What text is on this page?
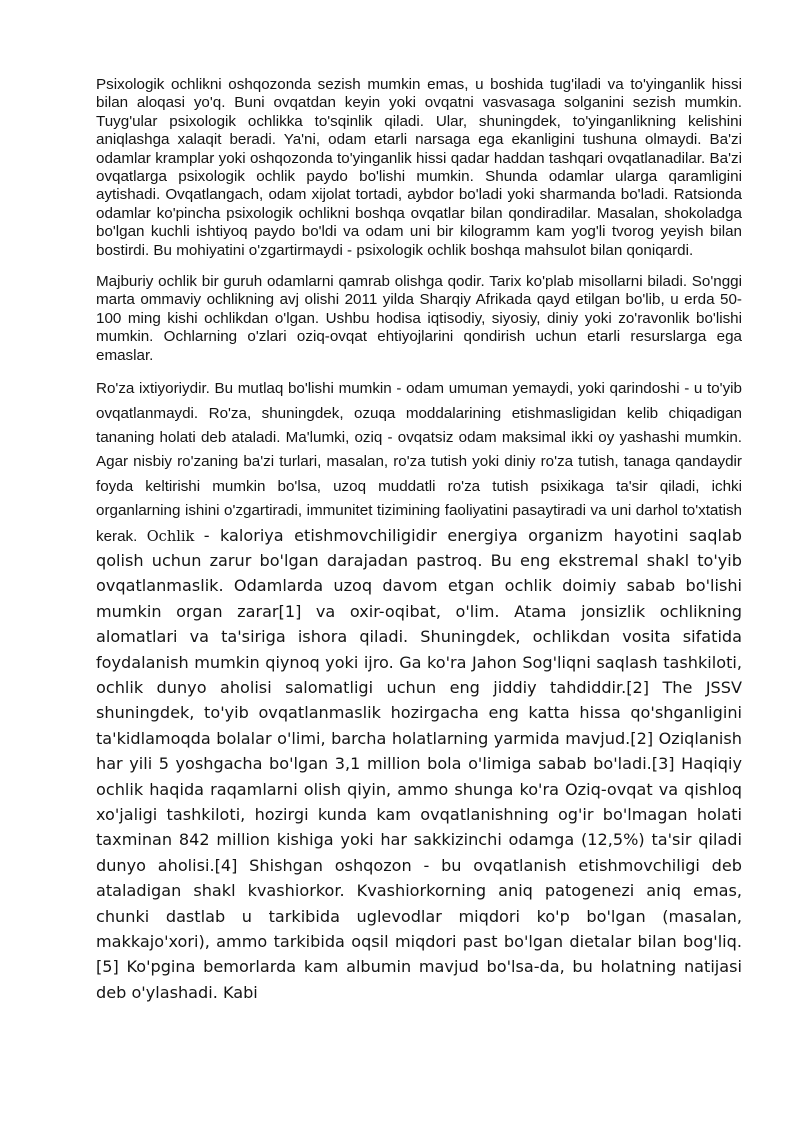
Psixologik ochlikni oshqozonda sezish mumkin emas, u boshida tug'iladi va to'yinganlik hissi bilan aloqasi yo'q. Buni ovqatdan keyin yoki ovqatni vasvasaga solganini sezish mumkin. Tuyg'ular psixologik ochlikka to'sqinlik qiladi. Ular, shuningdek, to'yinganlikning kelishini aniqlashga xalaqit beradi. Ya'ni, odam etarli narsaga ega ekanligini tushuna olmaydi. Ba'zi odamlar kramplar yoki oshqozonda to'yinganlik hissi qadar haddan tashqari ovqatlanadilar. Ba'zi ovqatlarga psixologik ochlik paydo bo'lishi mumkin. Shunda odamlar ularga qaramligini aytishadi. Ovqatlangach, odam xijolat tortadi, aybdor bo'ladi yoki sharmanda bo'ladi. Ratsionda odamlar ko'pincha psixologik ochlikni boshqa ovqatlar bilan qondiradilar. Masalan, shokoladga bo'lgan kuchli ishtiyoq paydo bo'ldi va odam uni bir kilogramm kam yog'li tvorog yeyish bilan bostirdi. Bu mohiyatini o'zgartirmaydi - psixologik ochlik boshqa mahsulot bilan qoniqardi.

Majburiy ochlik bir guruh odamlarni qamrab olishga qodir. Tarix ko'plab misollarni biladi. So'nggi marta ommaviy ochlikning avj olishi 2011 yilda Sharqiy Afrikada qayd etilgan bo'lib, u erda 50-100 ming kishi ochlikdan o'lgan. Ushbu hodisa iqtisodiy, siyosiy, diniy yoki zo'ravonlik bo'lishi mumkin. Ochlarning o'zlari oziq-ovqat ehtiyojlarini qondirish uchun etarli resurslarga ega emaslar.

Ro'za ixtiyoriydir. Bu mutlaq bo'lishi mumkin - odam umuman yemaydi, yoki qarindoshi - u to'yib ovqatlanmaydi. Ro'za, shuningdek, ozuqa moddalarining etishmasligidan kelib chiqadigan tananing holati deb ataladi. Ma'lumki, oziq - ovqatsiz odam maksimal ikki oy yashashi mumkin. Agar nisbiy ro'zaning ba'zi turlari, masalan, ro'za tutish yoki diniy ro'za tutish, tanaga qandaydir foyda keltirishi mumkin bo'lsa, uzoq muddatli ro'za tutish psixikaga ta'sir qiladi, ichki organlarning ishini o'zgartiradi, immunitet tizimining faoliyatini pasaytiradi va uni darhol to'xtatish kerak. Ochlik - kaloriya etishmovchiligidir energiya organizm hayotini saqlab qolish uchun zarur bo'lgan darajadan pastroq. Bu eng ekstremal shakl to'yib ovqatlanmaslik. Odamlarda uzoq davom etgan ochlik doimiy sabab bo'lishi mumkin organ zarar[1] va oxir-oqibat, o'lim. Atama jonsizlik ochlikning alomatlari va ta'siriga ishora qiladi. Shuningdek, ochlikdan vosita sifatida foydalanish mumkin qiynoq yoki ijro. Ga ko'ra Jahon Sog'liqni saqlash tashkiloti, ochlik dunyo aholisi salomatligi uchun eng jiddiy tahdiddir.[2] The JSSV shuningdek, to'yib ovqatlanmaslik hozirgacha eng katta hissa qo'shganligini ta'kidlamoqda bolalar o'limi, barcha holatlarning yarmida mavjud.[2] Oziqlanish har yili 5 yoshgacha bo'lgan 3,1 million bola o'limiga sabab bo'ladi.[3] Haqiqiy ochlik haqida raqamlarni olish qiyin, ammo shunga ko'ra Oziq-ovqat va qishloq xo'jaligi tashkiloti, hozirgi kunda kam ovqatlanishning og'ir bo'lmagan holati taxminan 842 million kishiga yoki har sakkizinchi odamga (12,5%) ta'sir qiladi dunyo aholisi.[4] Shishgan oshqozon - bu ovqatlanish etishmovchiligi deb ataladigan shakl kvashiorkor. Kvashiorkorning aniq patogenezi aniq emas, chunki dastlab u tarkibida uglevodlar miqdori ko'p bo'lgan (masalan, makkajo'xori), ammo tarkibida oqsil miqdori past bo'lgan dietalar bilan bog'liq.[5] Ko'pgina bemorlarda kam albumin mavjud bo'lsa-da, bu holatning natijasi deb o'ylashadi. Kabi
